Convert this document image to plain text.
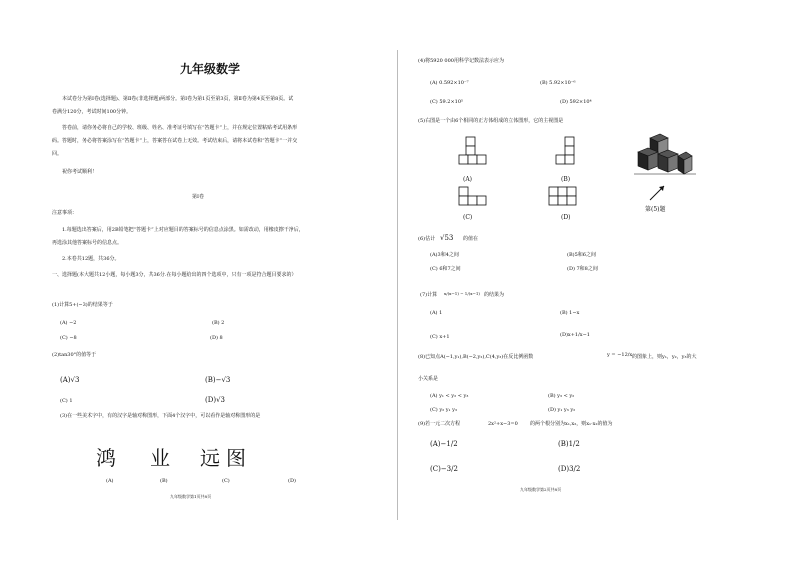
九年级数学
本试卷分为第Ⅰ卷(选择题)、第Ⅱ卷(非选择题)两部分。第Ⅰ卷为第1页至第3页，第Ⅱ卷为第4页至第8页。试
卷满分120分，考试时间100分钟。
答卷前，请你务必将自己的学校、班级、姓名、准考证号填写在“答题卡”上，并在规定位置粘贴考试用条形
码。答题时，务必将答案涂写在“答题卡”上，答案答在试卷上无效。考试结束后，请将本试卷和“答题卡”一并交
回。
祝你考试顺利！
第Ⅰ卷
注意事项：
1.每题选出答案后，用2B铅笔把“答题卡”上对应题目的答案标号的信息点涂黑。如需改动，用橡皮擦干净后，
再选涂其他答案标号的信息点。
2.本卷共12题，共36分。
一、选择题(本大题共12小题，每小题3分，共36分.在每小题给出的四个选项中，只有一项是符合题目要求的）
(1)计算5+(−3)的结果等于
(A) −2	(B) 2
(C) −8	(D) 8
(2)tan30°的值等于
(A)√3	(B)−√3
(C) 1	(D)√3
(3)在一些美术字中，有的汉字是轴对称图形，下面4个汉字中，可以看作是轴对称图形的是
鸿 业 远 图
(A)	(B)	(C)	(D)
九年级数学第1页共8页
(4)将5920 000用科学记数法表示应为
(A) 0.592×10⁻⁷	(B) 5.92×10⁻⁶
(C) 59.2×10⁵	(D) 592×10⁴
(5)右图是一个由6个相同的正方体组成的立体图形，它的主视图是
(A)	(B)
(C)	(D)
第(5)题
(6)估计 √53 的值在
(A)3和4之间	(B)5和6之间
(C) 6和7之间	(D) 7和8之间
(7)计算 x/(x−1) − 1/(x−1) 的结果为
(A) 1	(B) 1−x
(C) x+1	(D)x+1/x−1
(8)已知点A(−1,y₁),B(−2,y₂),C(4,y₃)在反比例函数	y = −12/x 的图象上，则y₁，y₂，y₃的大
小关系是
(A) y₁ < y₂ < y₃	(B) y₃ < y₂
(C) y₂ y₁ y₃	(D) y₁ y₃ y₂
(9)若一元二次方程	2x²+x−3=0 的两个根分别为x₁,x₂，则x₁·x₂的值为
(A)−1/2	(B)1/2
(C)−3/2	(D)3/2
九年级数学第2页共8页
